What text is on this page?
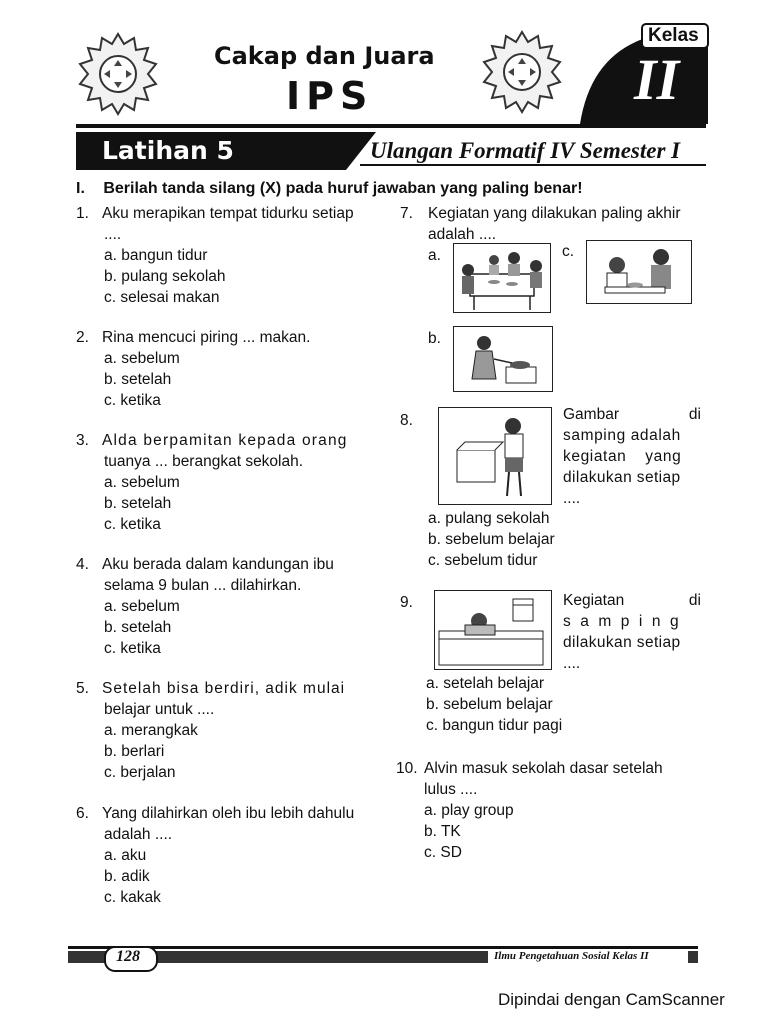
Cakap dan Juara
IPS
Kelas
II
Latihan 5	Ulangan Formatif IV Semester I
I. Berilah tanda silang (X) pada huruf jawaban yang paling benar!
1. Aku merapikan tempat tidurku setiap
....
a. bangun tidur
b. pulang sekolah
c. selesai makan
2. Rina mencuci piring ... makan.
a. sebelum
b. setelah
c. ketika
3. Alda berpamitan kepada orang
tuanya ... berangkat sekolah.
a. sebelum
b. setelah
c. ketika
4. Aku berada dalam kandungan ibu
selama 9 bulan ... dilahirkan.
a. sebelum
b. setelah
c. ketika
5. Setelah bisa berdiri, adik mulai
belajar untuk ....
a. merangkak
b. berlari
c. berjalan
6. Yang dilahirkan oleh ibu lebih dahulu
adalah ....
a. aku
b. adik
c. kakak
7. Kegiatan yang dilakukan paling akhir
adalah ....
a.	c.
b.
8.	Gambar	di
samping adalah
kegiatan yang
dilakukan setiap
....
a. pulang sekolah
b. sebelum belajar
c. sebelum tidur
9.	Kegiatan	di
s a m p i n g
dilakukan setiap
....
a. setelah belajar
b. sebelum belajar
c. bangun tidur pagi
10. Alvin masuk sekolah dasar setelah
lulus ....
a. play group
b. TK
c. SD
128	Ilmu Pengetahuan Sosial Kelas II
Dipindai dengan CamScanner
